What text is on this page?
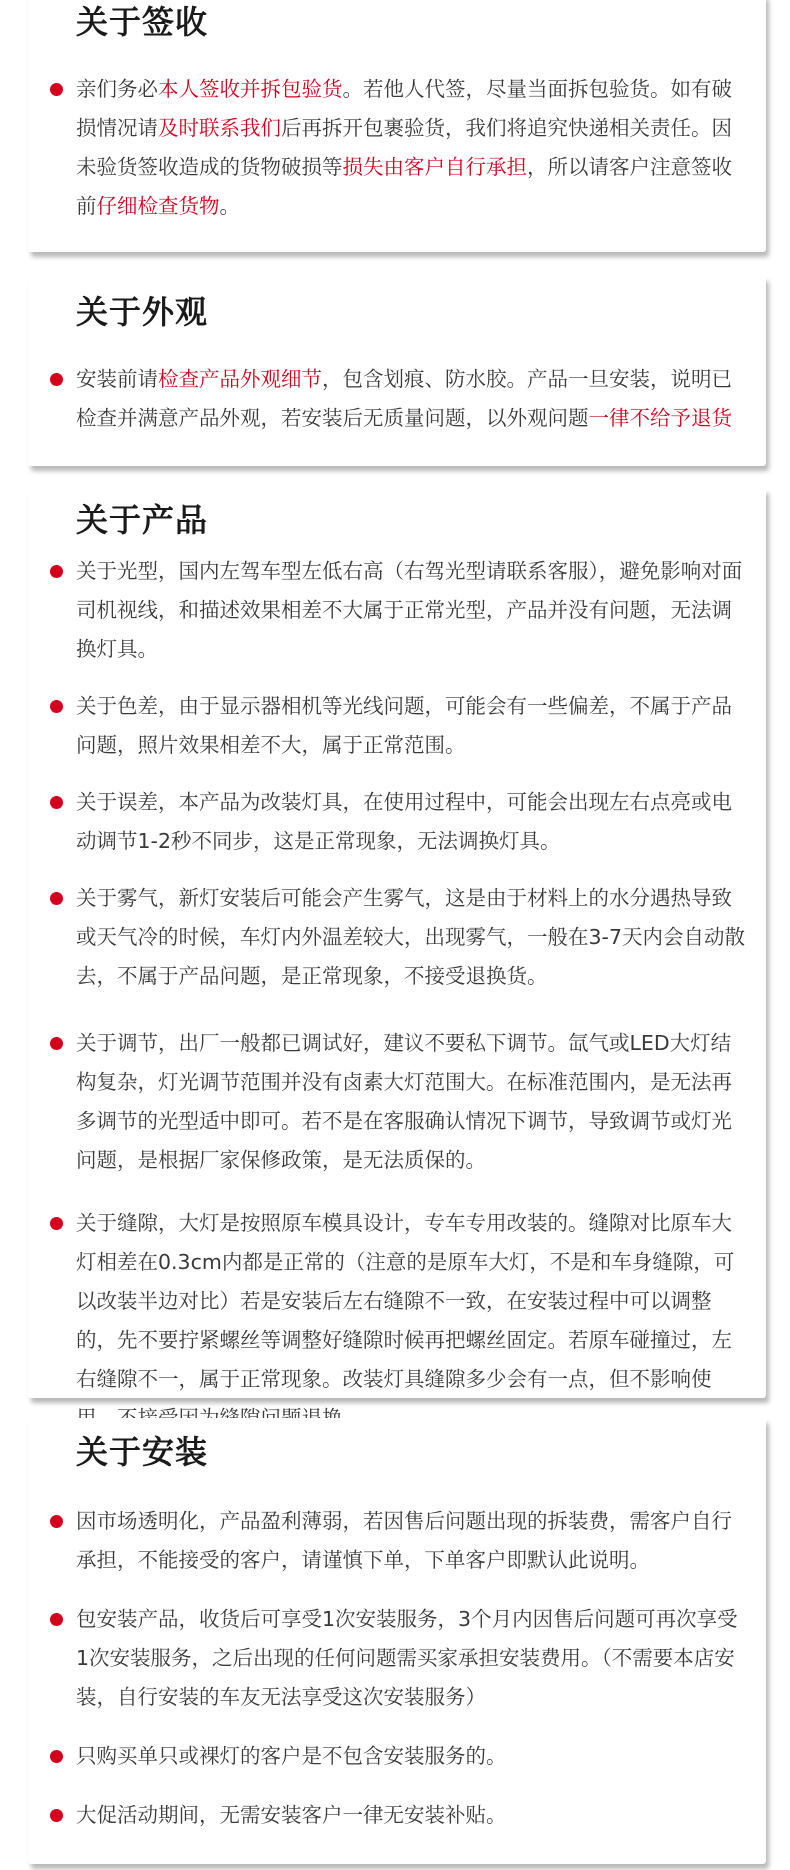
关于签收
亲们务必本人签收并拆包验货。若他人代签，尽量当面拆包验货。如有破损情况请及时联系我们后再拆开包裹验货，我们将追究快递相关责任。因未验货签收造成的货物破损等损失由客户自行承担，所以请客户注意签收前仔细检查货物。
关于外观
安装前请检查产品外观细节，包含划痕、防水胶。产品一旦安装，说明已检查并满意产品外观，若安装后无质量问题，以外观问题一律不给予退货
关于产品
关于光型，国内左驾车型左低右高（右驾光型请联系客服），避免影响对面司机视线，和描述效果相差不大属于正常光型，产品并没有问题，无法调换灯具。
关于色差，由于显示器相机等光线问题，可能会有一些偏差，不属于产品问题，照片效果相差不大，属于正常范围。
关于误差，本产品为改装灯具，在使用过程中，可能会出现左右点亮或电动调节1-2秒不同步，这是正常现象，无法调换灯具。
关于雾气，新灯安装后可能会产生雾气，这是由于材料上的水分遇热导致或天气冷的时候，车灯内外温差较大，出现雾气，一般在3-7天内会自动散去，不属于产品问题，是正常现象，不接受退换货。
关于调节，出厂一般都已调试好，建议不要私下调节。氙气或LED大灯结构复杂，灯光调节范围并没有卤素大灯范围大。在标准范围内，是无法再多调节的光型适中即可。若不是在客服确认情况下调节，导致调节或灯光问题，是根据厂家保修政策，是无法质保的。
关于缝隙，大灯是按照原车模具设计，专车专用改装的。缝隙对比原车大灯相差在0.3cm内都是正常的（注意的是原车大灯，不是和车身缝隙，可以改装半边对比）若是安装后左右缝隙不一致，在安装过程中可以调整的，先不要拧紧螺丝等调整好缝隙时候再把螺丝固定。若原车碰撞过，左右缝隙不一，属于正常现象。改装灯具缝隙多少会有一点，但不影响使
关于安装
因市场透明化，产品盈利薄弱，若因售后问题出现的拆装费，需客户自行承担，不能接受的客户，请谨慎下单，下单客户即默认此说明。
包安装产品，收货后可享受1次安装服务，3个月内因售后问题可再次享受1次安装服务，之后出现的任何问题需买家承担安装费用。（不需要本店安装，自行安装的车友无法享受这次安装服务）
只购买单只或裸灯的客户是不包含安装服务的。
大促活动期间，无需安装客户一律无安装补贴。
